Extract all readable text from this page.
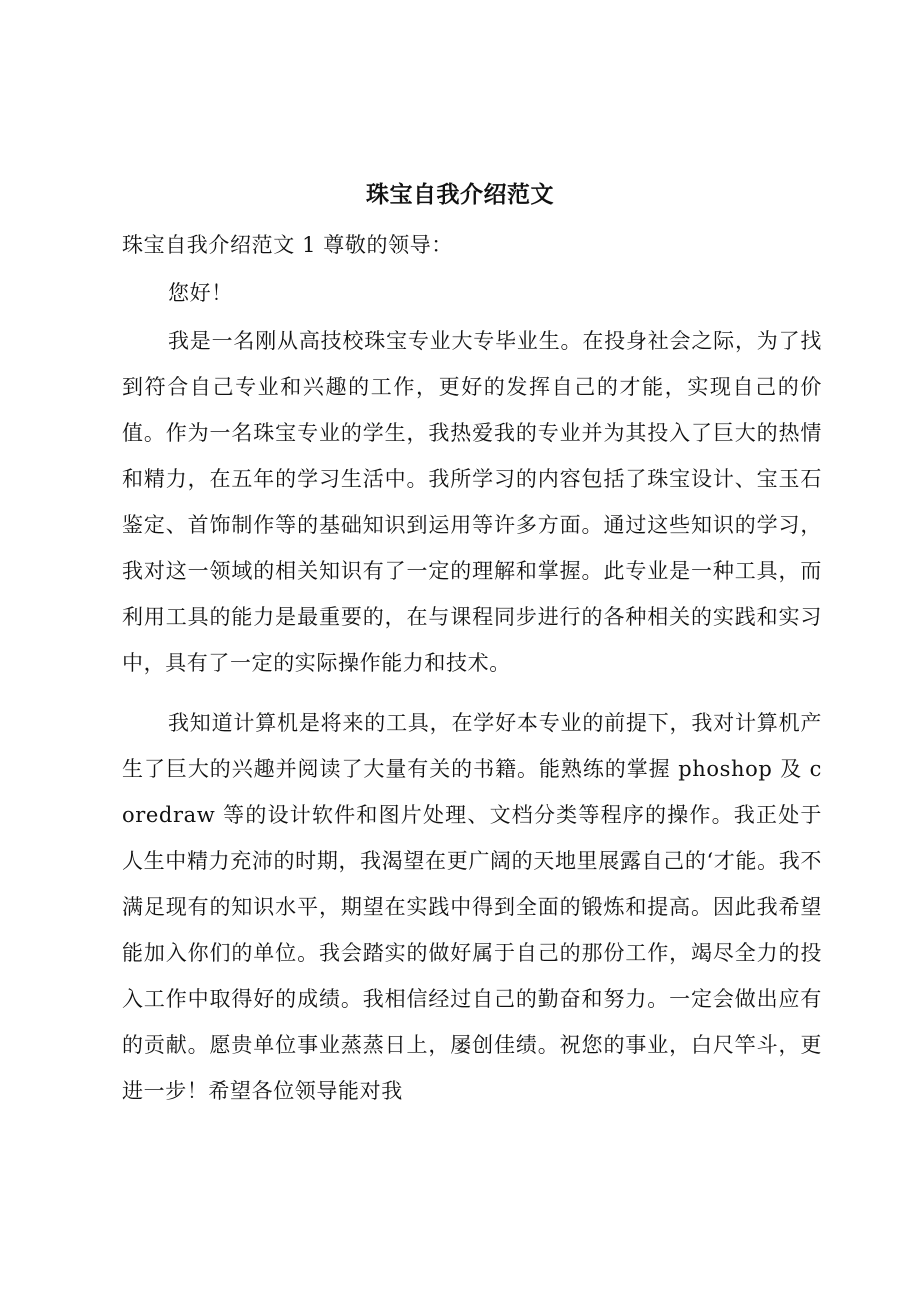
珠宝自我介绍范文

珠宝自我介绍范文 1 尊敬的领导：

您好！

我是一名刚从高技校珠宝专业大专毕业生。在投身社会之际，为了找到符合自己专业和兴趣的工作，更好的发挥自己的才能，实现自己的价值。作为一名珠宝专业的学生，我热爱我的专业并为其投入了巨大的热情和精力，在五年的学习生活中。我所学习的内容包括了珠宝设计、宝玉石鉴定、首饰制作等的基础知识到运用等许多方面。通过这些知识的学习，我对这一领域的相关知识有了一定的理解和掌握。此专业是一种工具，而利用工具的能力是最重要的，在与课程同步进行的各种相关的实践和实习中，具有了一定的实际操作能力和技术。

我知道计算机是将来的工具，在学好本专业的前提下，我对计算机产生了巨大的兴趣并阅读了大量有关的书籍。能熟练的掌握 phoshop 及 coredraw 等的设计软件和图片处理、文档分类等程序的操作。我正处于人生中精力充沛的时期，我渴望在更广阔的天地里展露自己的‘才能。我不满足现有的知识水平，期望在实践中得到全面的锻炼和提高。因此我希望能加入你们的单位。我会踏实的做好属于自己的那份工作，竭尽全力的投入工作中取得好的成绩。我相信经过自己的勤奋和努力。一定会做出应有的贡献。愿贵单位事业蒸蒸日上，屡创佳绩。祝您的事业，白尺竿斗，更进一步！希望各位领导能对我
